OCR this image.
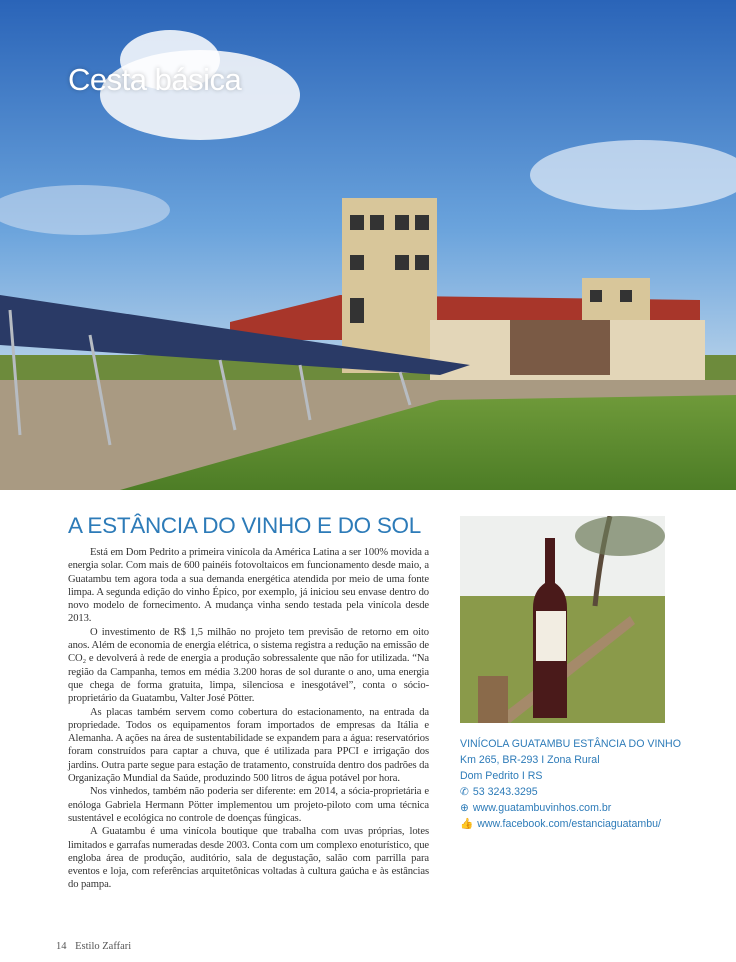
Cesta básica
A ESTÂNCIA DO VINHO E DO SOL

Está em Dom Pedrito a primeira vinícola da América Latina a ser 100% movida a energia solar. Com mais de 600 painéis fotovoltaicos em funcionamento desde maio, a Guatambu tem agora toda a sua demanda energética atendida por meio de uma fonte limpa. A segunda edição do vinho Épico, por exemplo, já iniciou seu envase dentro do novo modelo de fornecimento. A mudança vinha sendo testada pela vinícola desde 2013.

O investimento de R$ 1,5 milhão no projeto tem previsão de retorno em oito anos. Além de economia de energia elétrica, o sistema registra a redução na emissão de CO₂ e devolverá à rede de energia a produção sobressalente que não for utilizada. “Na região da Campanha, temos em média 3.200 horas de sol durante o ano, uma energia que chega de forma gratuita, limpa, silenciosa e inesgotável”, conta o sócio-proprietário da Guatambu, Valter José Pötter.

As placas também servem como cobertura do estacionamento, na entrada da propriedade. Todos os equipamentos foram importados de empresas da Itália e Alemanha. A ações na área de sustentabilidade se expandem para a água: reservatórios foram construídos para captar a chuva, que é utilizada para PPCI e irrigação dos jardins. Outra parte segue para estação de tratamento, construída dentro dos padrões da Organização Mundial da Saúde, produzindo 500 litros de água potável por hora.

Nos vinhedos, também não poderia ser diferente: em 2014, a sócia-proprietária e enóloga Gabriela Hermann Pötter implementou um projeto-piloto com uma técnica sustentável e ecológica no controle de doenças fúngicas.

A Guatambu é uma vinícola boutique que trabalha com uvas próprias, lotes limitados e garrafas numeradas desde 2003. Conta com um complexo enoturístico, que engloba área de produção, auditório, sala de degustação, salão com parrilla para eventos e loja, com referências arquitetônicas voltadas à cultura gaúcha e às estâncias do pampa.

VINÍCOLA GUATAMBU ESTÂNCIA DO VINHO
Km 265, BR-293 I Zona Rural
Dom Pedrito I RS
✆ 53 3243.3295
⊕ www.guatambuvinhos.com.br
👍 www.facebook.com/estanciaguatambu/
14 Estilo Zaffari
